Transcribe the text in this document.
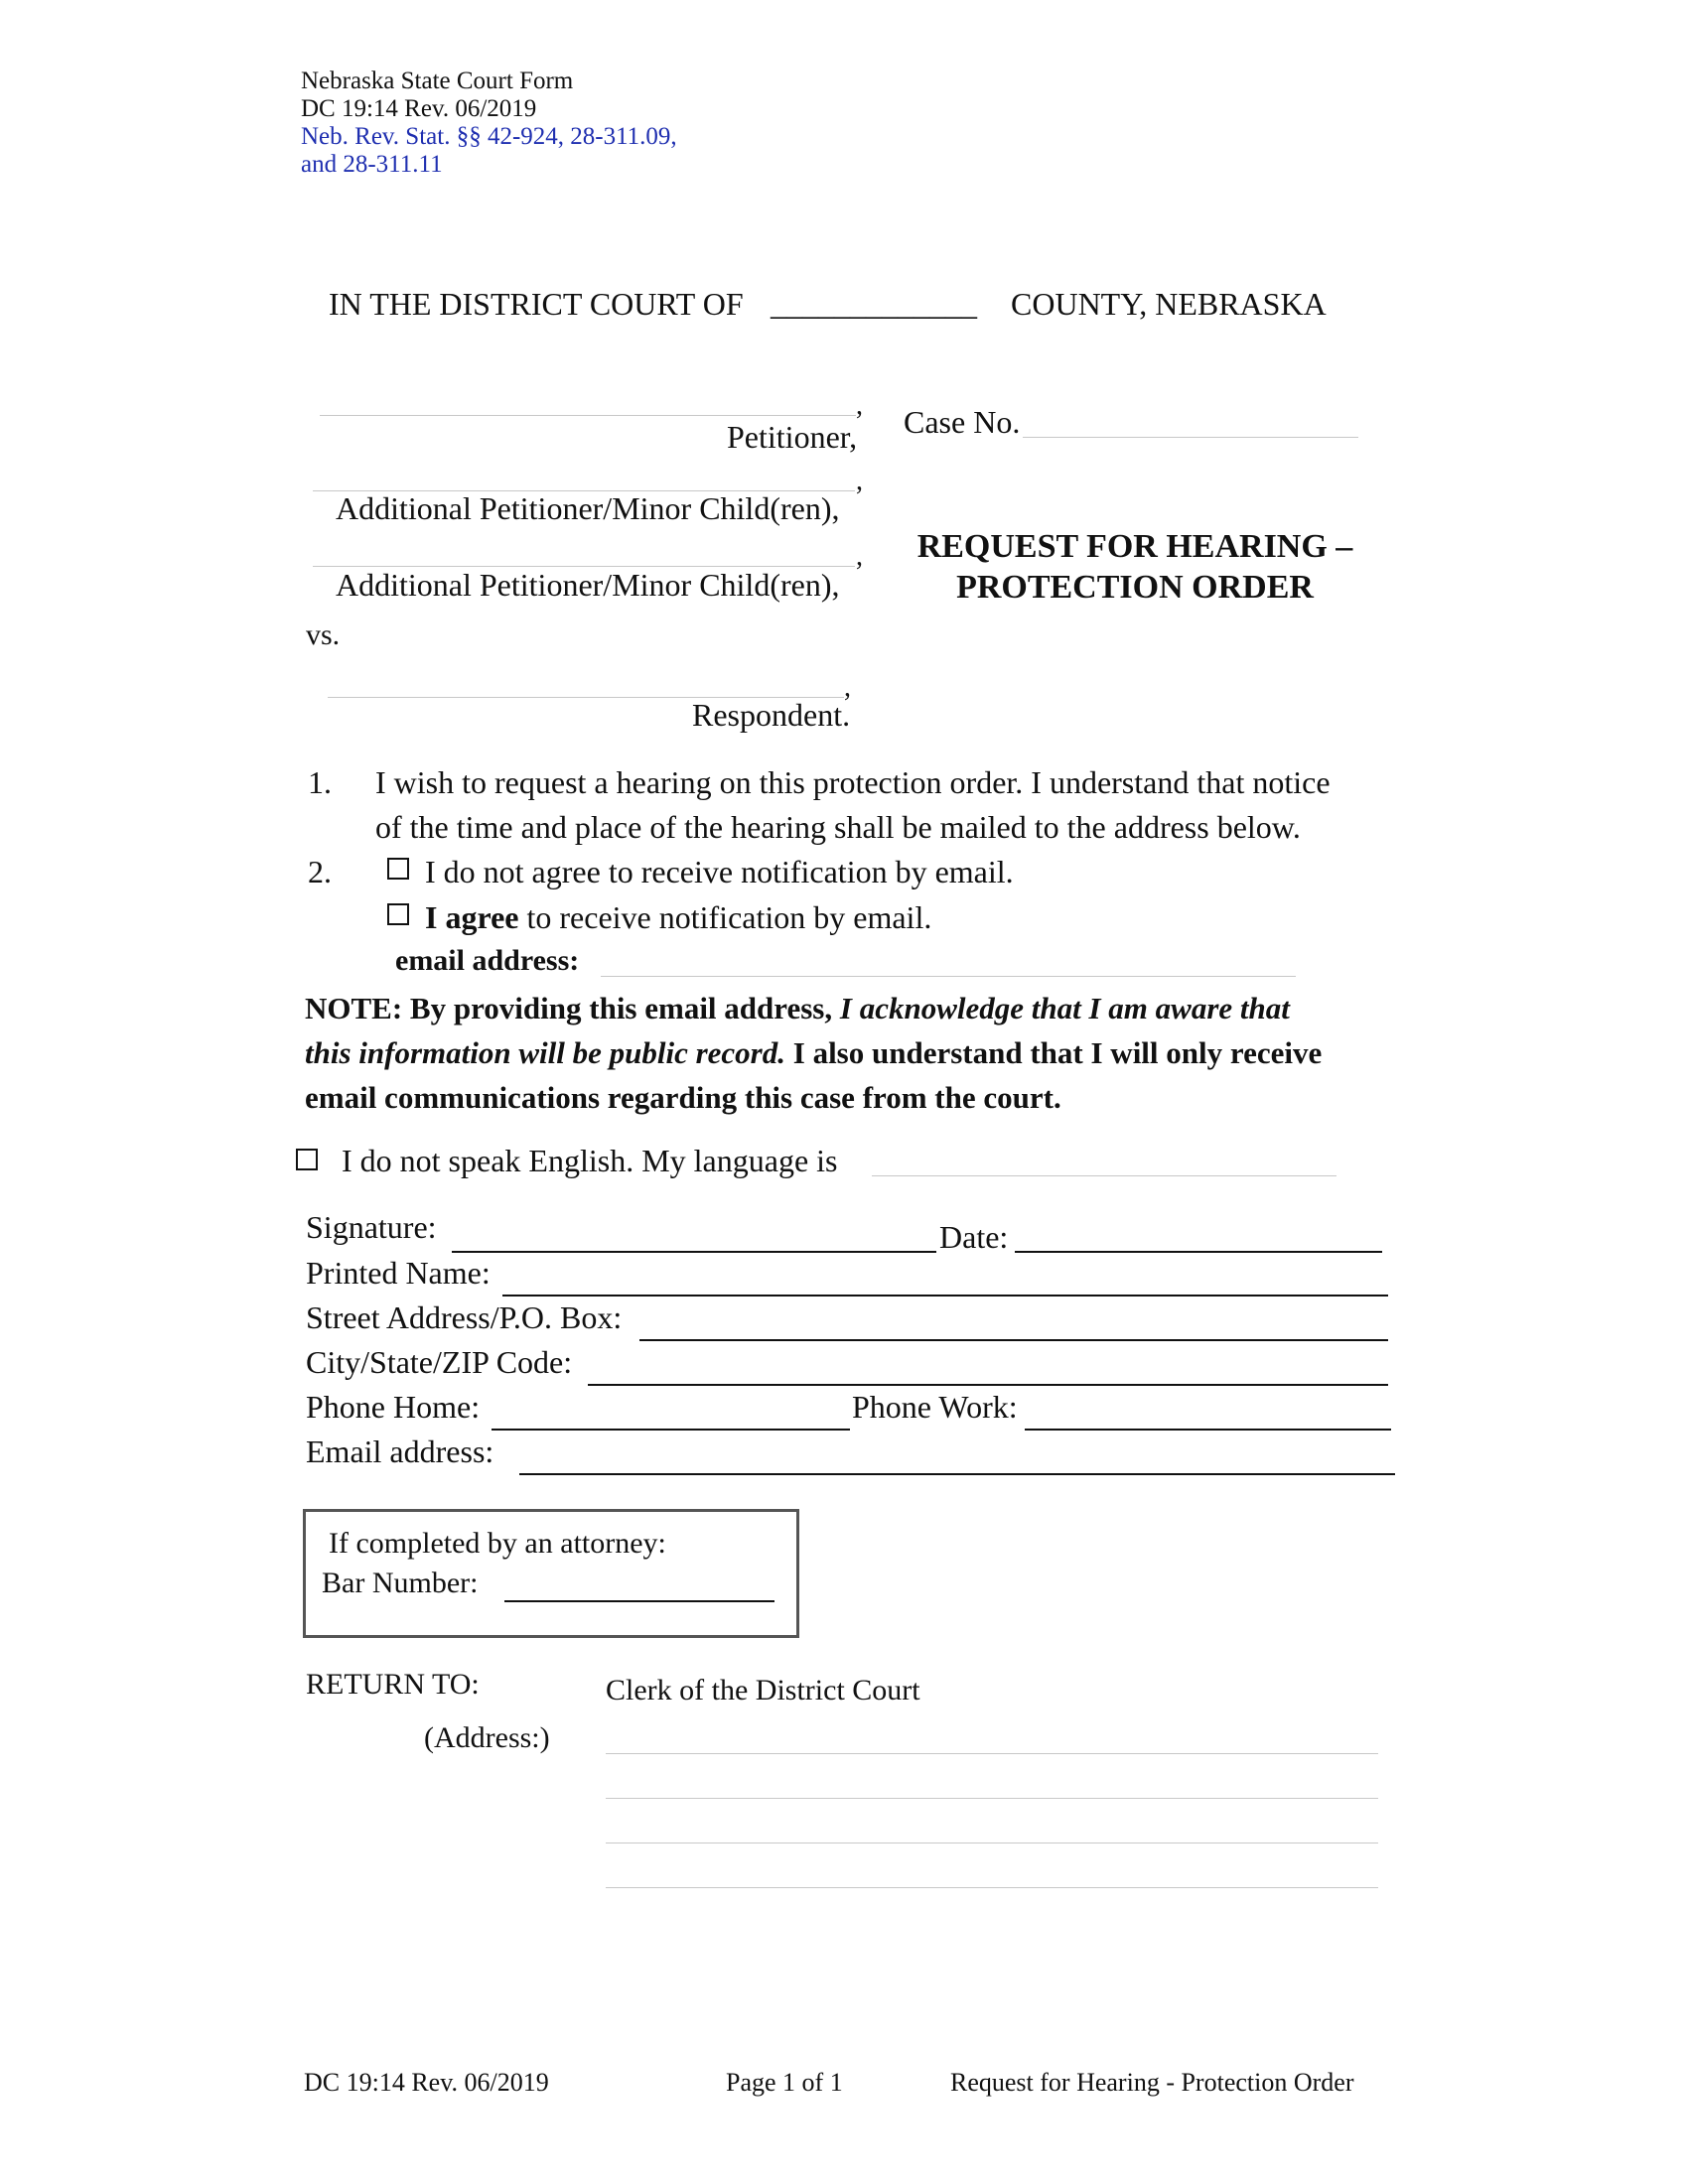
Nebraska State Court Form
DC 19:14 Rev. 06/2019
Neb. Rev. Stat. §§ 42-924, 28-311.09,
and 28-311.11
IN THE DISTRICT COURT OF _____________ COUNTY, NEBRASKA
,
Petitioner,
,
Additional Petitioner/Minor Child(ren),
,
Additional Petitioner/Minor Child(ren),
vs.
,
Respondent.
Case No.
REQUEST FOR HEARING –
PROTECTION ORDER
1. I wish to request a hearing on this protection order. I understand that notice
of the time and place of the hearing shall be mailed to the address below.
2.	I do not agree to receive notification by email.
I agree to receive notification by email.
email address:
NOTE: By providing this email address, I acknowledge that I am aware that
this information will be public record. I also understand that I will only receive
email communications regarding this case from the court.
I do not speak English. My language is
Signature:	Date:
Printed Name:
Street Address/P.O. Box:
City/State/ZIP Code:
Phone Home:	Phone Work:
Email address:
If completed by an attorney:
Bar Number:
RETURN TO:
(Address:)
Clerk of the District Court
DC 19:14 Rev. 06/2019	Page 1 of 1	Request for Hearing - Protection Order
